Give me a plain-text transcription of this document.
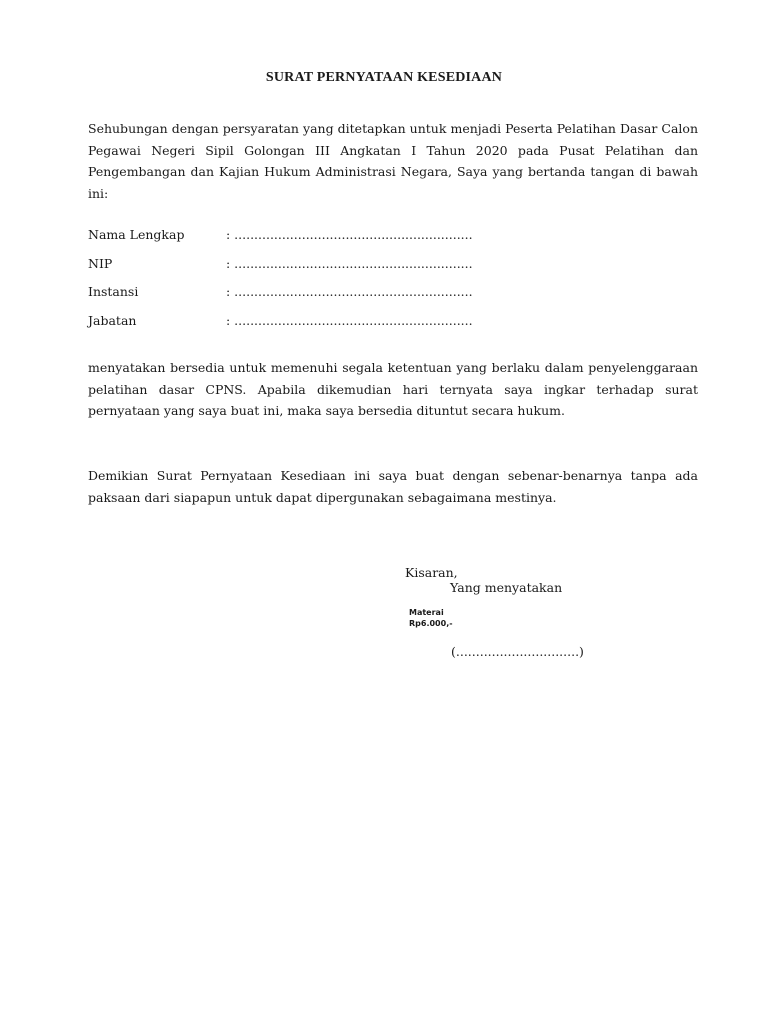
SURAT PERNYATAAN KESEDIAAN

Sehubungan dengan persyaratan yang ditetapkan untuk menjadi Peserta Pelatihan Dasar Calon Pegawai Negeri Sipil Golongan III Angkatan I Tahun 2020 pada Pusat Pelatihan dan Pengembangan dan Kajian Hukum Administrasi Negara, Saya yang bertanda tangan di bawah ini:

Nama Lengkap	: ............................................................
NIP	: ............................................................
Instansi	: ............................................................
Jabatan	: ............................................................

menyatakan bersedia untuk memenuhi segala ketentuan yang berlaku dalam penyelenggaraan pelatihan dasar CPNS. Apabila dikemudian hari ternyata saya ingkar terhadap surat pernyataan yang saya buat ini, maka saya bersedia dituntut secara hukum.

Demikian Surat Pernyataan Kesediaan ini saya buat dengan sebenar-benarnya tanpa ada paksaan dari siapapun untuk dapat dipergunakan sebagaimana mestinya.

Kisaran,
Yang menyatakan
Materai
Rp6.000,-
(...............................)
